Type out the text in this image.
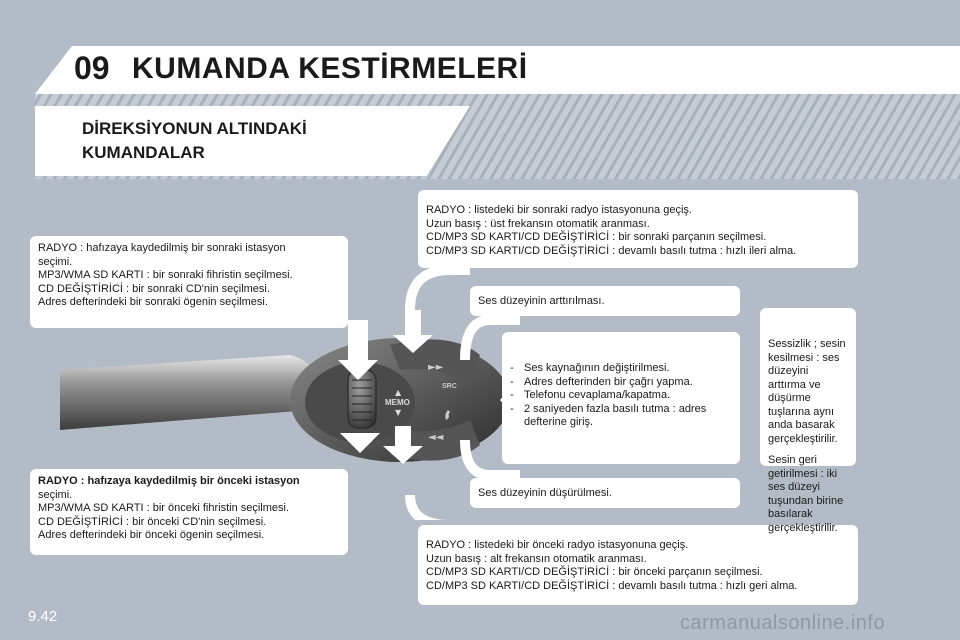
09 KUMANDA KESTİRMELERİ
DİREKSİYONUN ALTINDAKİ
KUMANDALAR
MEMO
▲
▼
►►
◄◄
SRC

RADYO : hafızaya kaydedilmiş bir sonraki istasyon
seçimi.
MP3/WMA SD KARTI : bir sonraki fihristin seçilmesi.
CD DEĞİŞTİRİCİ : bir sonraki CD'nin seçilmesi.
Adres defterindeki bir sonraki ögenin seçilmesi.

RADYO : hafızaya kaydedilmiş bir önceki istasyon

seçimi.
MP3/WMA SD KARTI : bir önceki fihristin seçilmesi.
CD DEĞİŞTİRİCİ : bir önceki CD'nin seçilmesi.
Adres defterindeki bir önceki ögenin seçilmesi.

RADYO : listedeki bir sonraki radyo istasyonuna geçiş.
Uzun basış : üst frekansın otomatik aranması.
CD/MP3 SD KARTI/CD DEĞİŞTİRİCİ : bir sonraki parçanın seçilmesi.
CD/MP3 SD KARTI/CD DEĞİŞTİRİCİ : devamlı basılı tutma : hızlı ileri alma.

RADYO : listedeki bir önceki radyo istasyonuna geçiş.
Uzun basış : alt frekansın otomatik aranması.
CD/MP3 SD KARTI/CD DEĞİŞTİRİCİ : bir önceki parçanın seçilmesi.
CD/MP3 SD KARTI/CD DEĞİŞTİRİCİ : devamlı basılı tutma : hızlı geri alma.

Ses düzeyinin arttırılması.

Ses düzeyinin düşürülmesi.

- Ses kaynağının değiştirilmesi.
- Adres defterinden bir çağrı yapma.
- Telefonu cevaplama/kapatma.
- 2 saniyeden fazla basılı tutma : adres defterine giriş.

Sessizlik ; sesin kesilmesi : ses düzeyini arttırma ve düşürme tuşlarına aynı anda basarak gerçekleştirilir.

Sesin geri getirilmesi : iki ses düzeyi tuşundan birine basılarak gerçekleştirilir.

9.42	carmanualsonline.info
